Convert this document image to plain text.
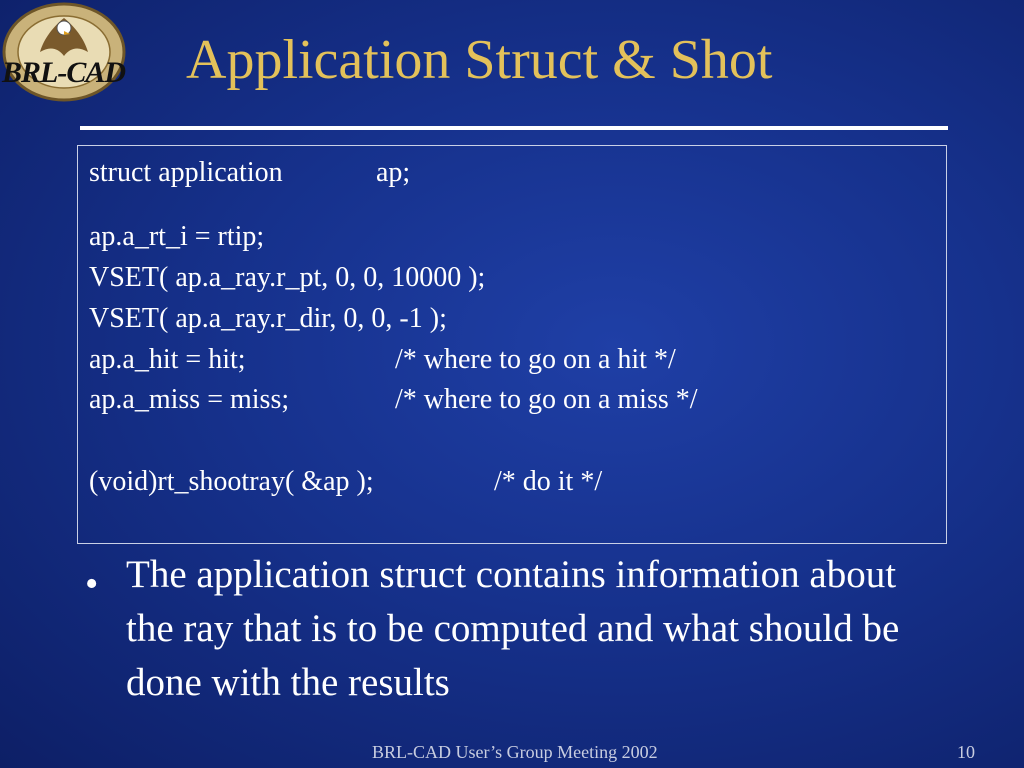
BRL-CAD Application Struct & Shot
struct application	ap;
ap.a_rt_i = rtip;
VSET( ap.a_ray.r_pt, 0, 0, 10000 );
VSET( ap.a_ray.r_dir, 0, 0, -1 );
ap.a_hit = hit;	/* where to go on a hit */
ap.a_miss = miss;	/* where to go on a miss */
(void)rt_shootray( &ap );	/* do it */
• The application struct contains information about the ray that is to be computed and what should be done with the results
BRL-CAD User’s Group Meeting 2002	10
